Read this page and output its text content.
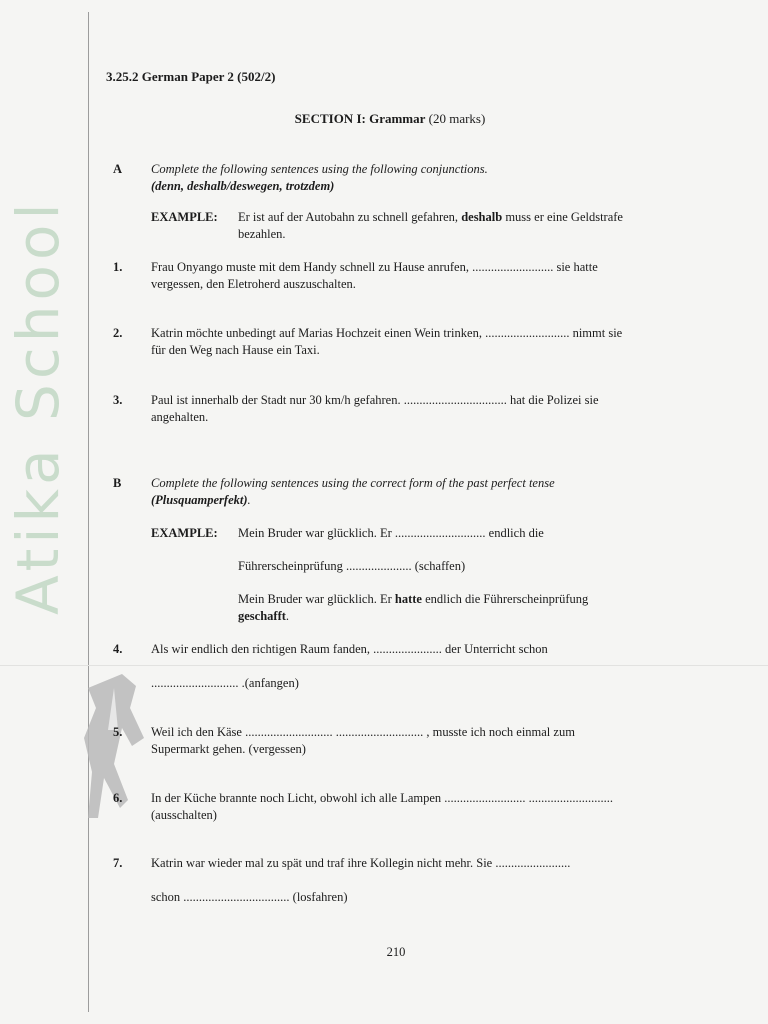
Atika School
3.25.2 German Paper 2 (502/2)
SECTION I: Grammar (20 marks)
A Complete the following sentences using the following conjunctions.
(denn, deshalb/deswegen, trotzdem)
EXAMPLE: Er ist auf der Autobahn zu schnell gefahren, deshalb muss er eine Geldstrafe
bezahlen.
1. Frau Onyango muste mit dem Handy schnell zu Hause anrufen, .......................... sie hatte
vergessen, den Eletroherd auszuschalten.
2. Katrin möchte unbedingt auf Marias Hochzeit einen Wein trinken, ........................... nimmt sie
für den Weg nach Hause ein Taxi.
3. Paul ist innerhalb der Stadt nur 30 km/h gefahren. ................................. hat die Polizei sie
angehalten.
B Complete the following sentences using the correct form of the past perfect tense
(Plusquamperfekt).
EXAMPLE: Mein Bruder war glücklich. Er ............................. endlich die
Führerscheinprüfung ..................... (schaffen)
Mein Bruder war glücklich. Er hatte endlich die Führerscheinprüfung
geschafft.
4. Als wir endlich den richtigen Raum fanden, ...................... der Unterricht schon
............................ .(anfangen)
5. Weil ich den Käse ............................ ............................ , musste ich noch einmal zum
Supermarkt gehen. (vergessen)
6. In der Küche brannte noch Licht, obwohl ich alle Lampen .......................... ...........................
(ausschalten)
7. Katrin war wieder mal zu spät und traf ihre Kollegin nicht mehr. Sie ........................
schon .................................. (losfahren)
210
